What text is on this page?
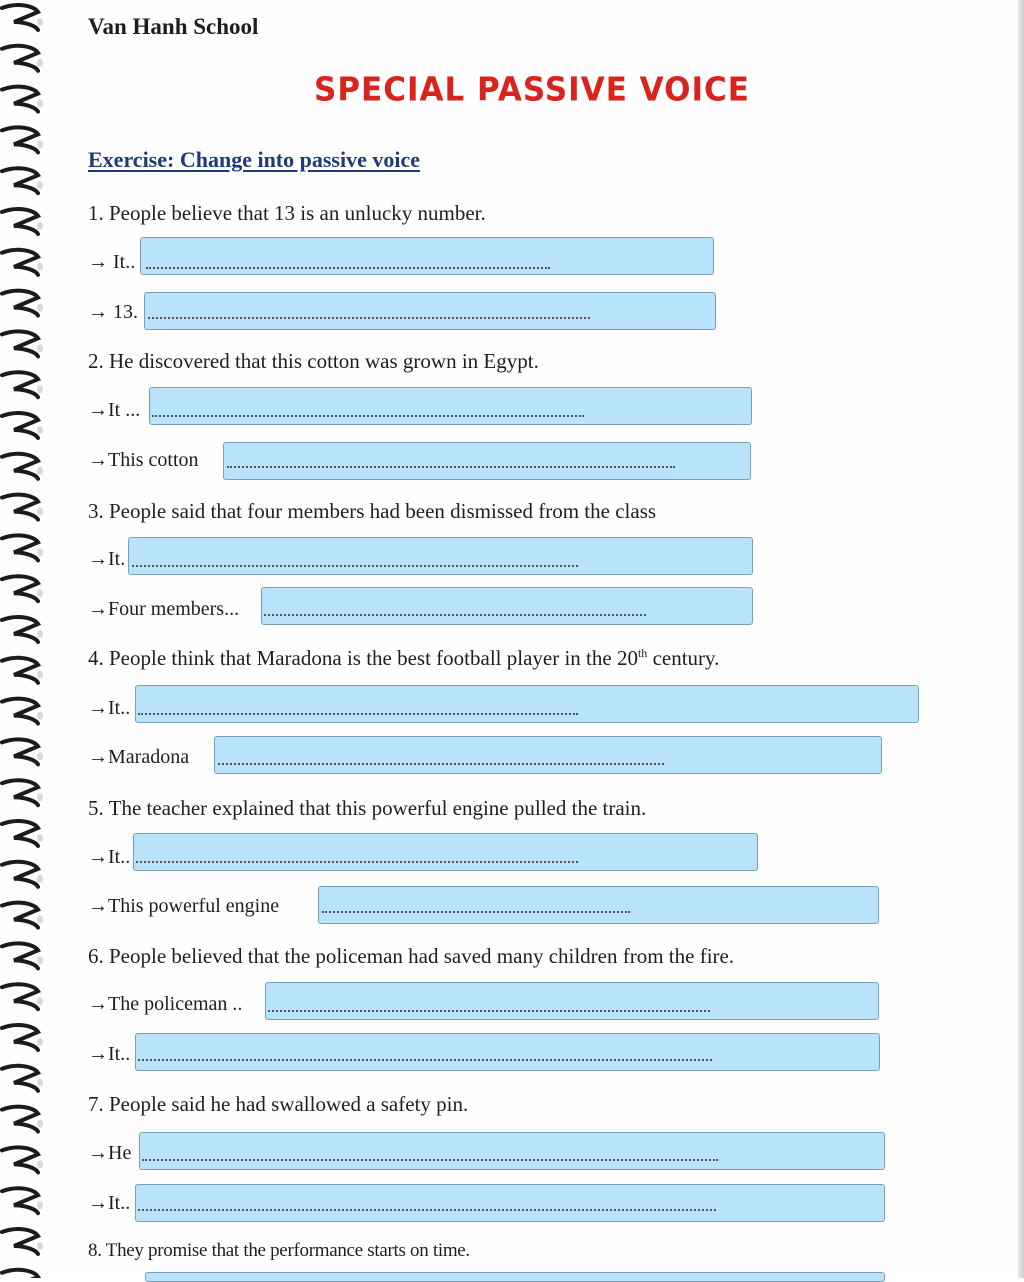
Van Hanh School
SPECIAL PASSIVE VOICE
Exercise: Change into passive voice
1. People believe that 13 is an unlucky number.
→ It..
→ 13.
2. He discovered that this cotton was grown in Egypt.
→It ...
→This cotton
3. People said that four members had been dismissed from the class
→It.
→Four members...
4. People think that Maradona is the best football player in the 20th century.
→It..
→Maradona
5. The teacher explained that this powerful engine pulled the train.
→It..
→This powerful engine
6. People believed that the policeman had saved many children from the fire.
→The policeman ..
→It..
7. People said he had swallowed a safety pin.
→He
→It..
8. They promise that the performance starts on time.
